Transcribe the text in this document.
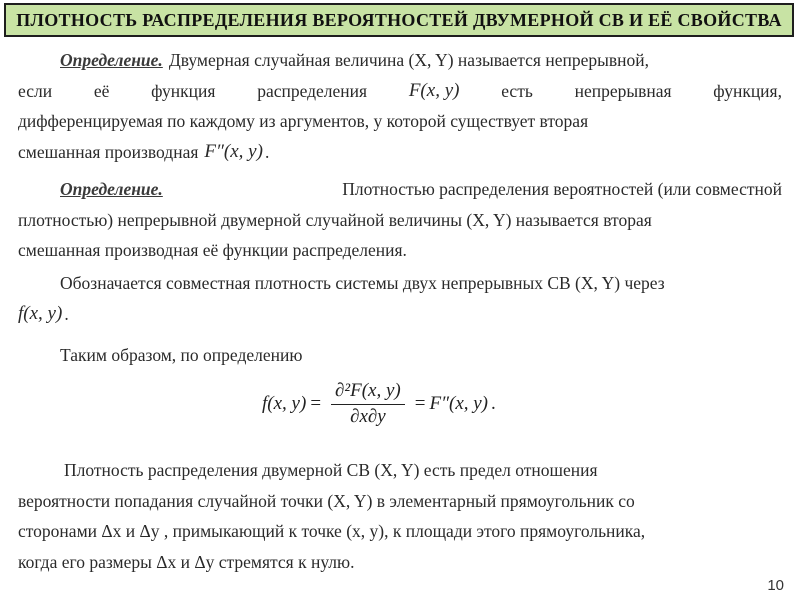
ПЛОТНОСТЬ РАСПРЕДЕЛЕНИЯ ВЕРОЯТНОСТЕЙ ДВУМЕРНОЙ СВ И ЕЁ СВОЙСТВА
Определение. Двумерная случайная величина (X, Y) называется непрерывной,
если её функция распределения F(x, y) есть непрерывная функция,
дифференцируемая по каждому из аргументов, у которой существует вторая
смешанная производная F″(x, y) .
Определение.	Плотностью распределения вероятностей (или совместной
плотностью) непрерывной двумерной случайной величины (X, Y) называется вторая
смешанная производная её функции распределения.
Обозначается совместная плотность системы двух непрерывных СВ (X, Y) через
f(x, y) .
Таким образом, по определению
f(x, $y) = \frac{\text{∂²F(x, y)}}{\partial x\partial y} = F''(x$, y) .
Плотность распределения двумерной СВ (X, Y) есть предел отношения
вероятности попадания случайной точки (X, Y) в элементарный прямоугольник со
сторонами Δx и Δy , примыкающий к точке (x, y), к площади этого прямоугольника,
когда его размеры Δx и Δy стремятся к нулю.
10
